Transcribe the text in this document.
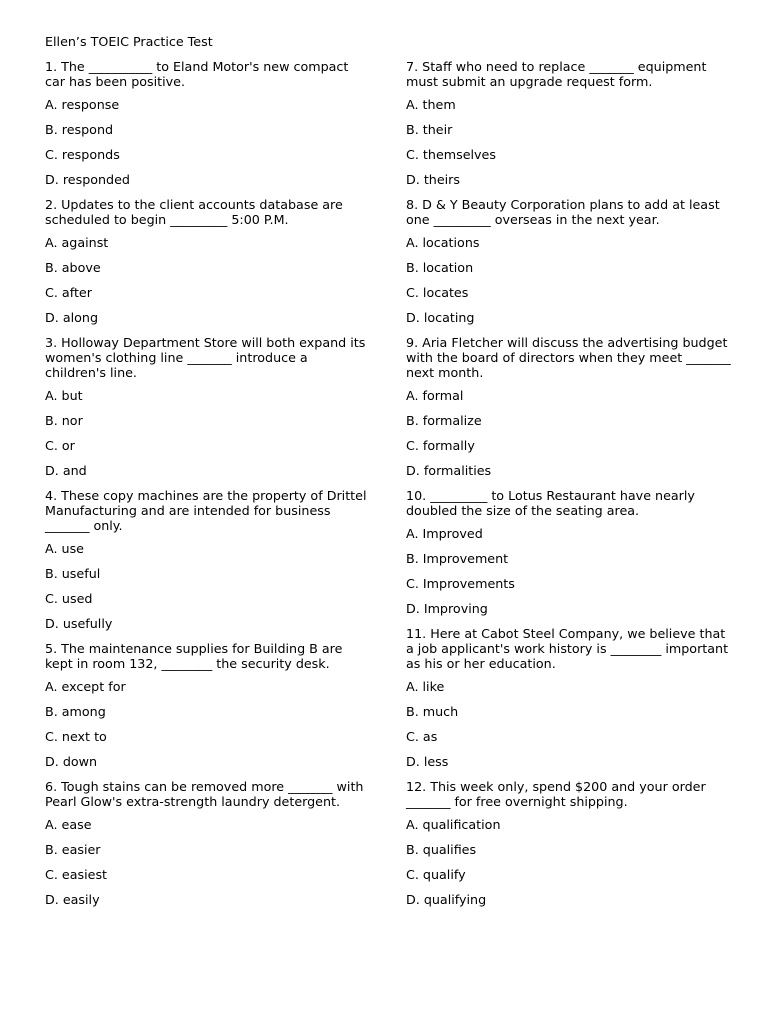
Ellen’s TOEIC Practice Test

1. The __________ to Eland Motor's new compact car has been positive.

A. response
B. respond
C. responds
D. responded

2. Updates to the client accounts database are scheduled to begin _________ 5:00 P.M.

A. against
B. above
C. after
D. along

3. Holloway Department Store will both expand its women's clothing line _______ introduce a children's line.

A. but
B. nor
C. or
D. and

4. These copy machines are the property of Drittel Manufacturing and are intended for business _______ only.

A. use
B. useful
C. used
D. usefully

5. The maintenance supplies for Building B are kept in room 132, ________ the security desk.

A. except for
B. among
C. next to
D. down

6. Tough stains can be removed more _______ with Pearl Glow's extra-strength laundry detergent.

A. ease
B. easier
C. easiest
D. easily

7. Staff who need to replace _______ equipment must submit an upgrade request form.

A. them
B. their
C. themselves
D. theirs

8. D & Y Beauty Corporation plans to add at least one _________ overseas in the next year.

A. locations
B. location
C. locates
D. locating

9. Aria Fletcher will discuss the advertising budget with the board of directors when they meet _______ next month.

A. formal
B. formalize
C. formally
D. formalities

10. _________ to Lotus Restaurant have nearly doubled the size of the seating area.

A. Improved
B. Improvement
C. Improvements
D. Improving

11. Here at Cabot Steel Company, we believe that a job applicant's work history is ________ important as his or her education.

A. like
B. much
C. as
D. less

12. This week only, spend $200 and your order _______ for free overnight shipping.

A. qualification
B. qualifies
C. qualify
D. qualifying
